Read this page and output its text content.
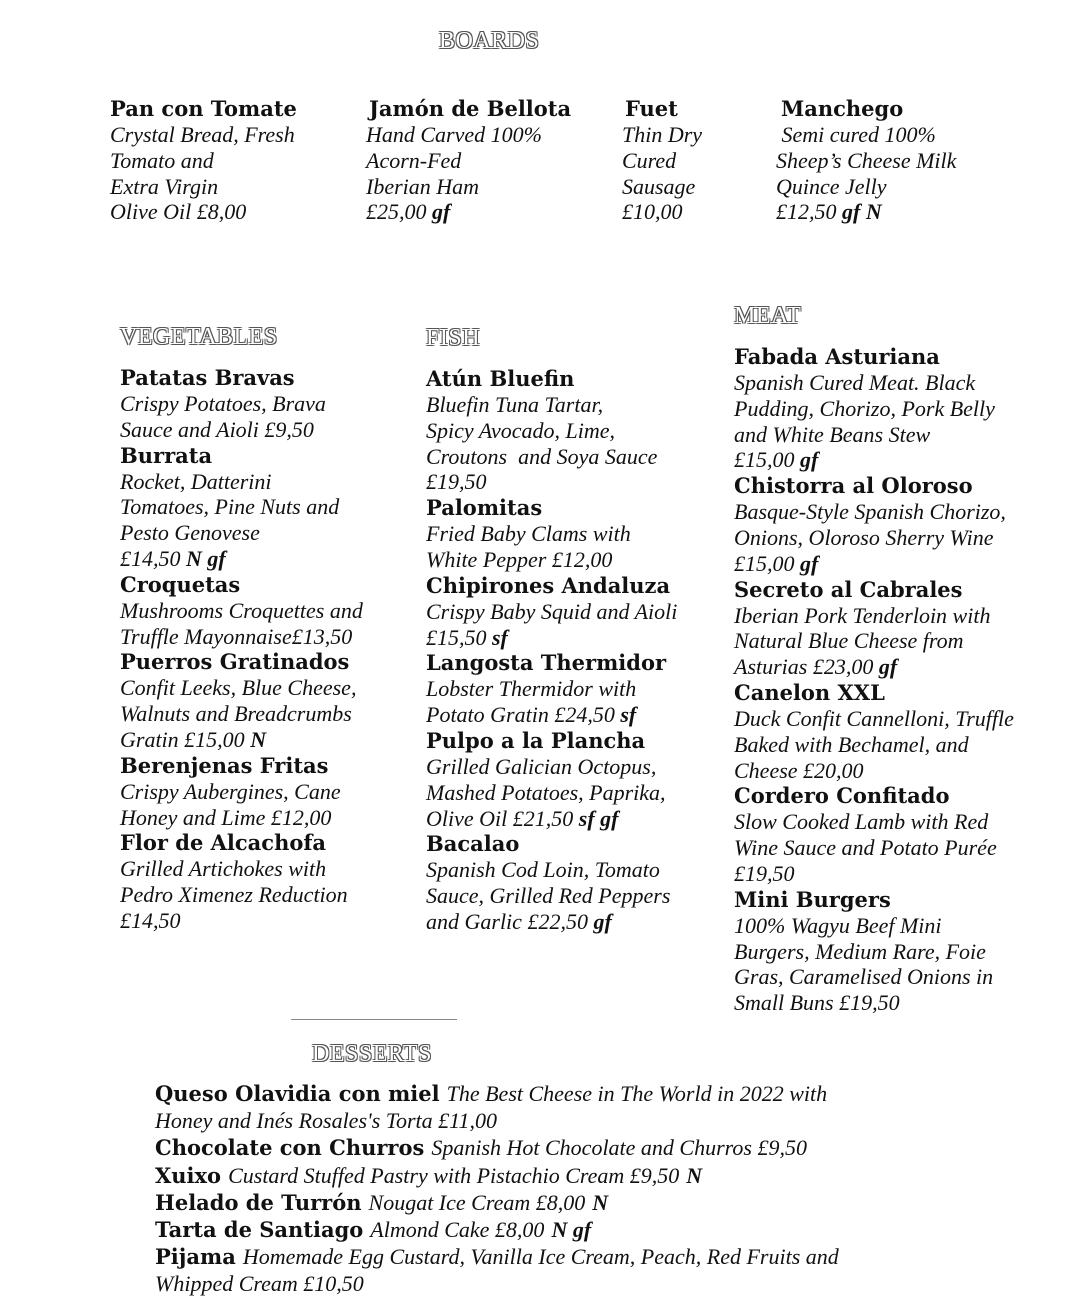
BOARDS
Pan con Tomate
Crystal Bread, Fresh
Tomato and
Extra Virgin
Olive Oil £8,00
Jamón de Bellota
Hand Carved 100%
Acorn-Fed
Iberian Ham
£25,00 gf
Fuet
Thin Dry
Cured
Sausage
£10,00
Manchego
Semi cured 100%
Sheep’s Cheese Milk
Quince Jelly
£12,50 gf N
VEGETABLES
Patatas Bravas
Crispy Potatoes, Brava
Sauce and Aioli £9,50
Burrata
Rocket, Datterini
Tomatoes, Pine Nuts and
Pesto Genovese
£14,50 N gf
Croquetas
Mushrooms Croquettes and
Truffle Mayonnaise£13,50
Puerros Gratinados
Confit Leeks, Blue Cheese,
Walnuts and Breadcrumbs
Gratin £15,00 N
Berenjenas Fritas
Crispy Aubergines, Cane
Honey and Lime £12,00
Flor de Alcachofa
Grilled Artichokes with
Pedro Ximenez Reduction
£14,50
FISH
Atún Bluefin
Bluefin Tuna Tartar,
Spicy Avocado, Lime,
Croutons  and Soya Sauce
£19,50
Palomitas
Fried Baby Clams with
White Pepper £12,00
Chipirones Andaluza
Crispy Baby Squid and Aioli
£15,50 sf
Langosta Thermidor
Lobster Thermidor with
Potato Gratin £24,50 sf
Pulpo a la Plancha
Grilled Galician Octopus,
Mashed Potatoes, Paprika,
Olive Oil £21,50 sf gf
Bacalao
Spanish Cod Loin, Tomato
Sauce, Grilled Red Peppers
and Garlic £22,50 gf
MEAT
Fabada Asturiana
Spanish Cured Meat. Black
Pudding, Chorizo, Pork Belly
and White Beans Stew
£15,00 gf
Chistorra al Oloroso
Basque-Style Spanish Chorizo,
Onions, Oloroso Sherry Wine
£15,00 gf
Secreto al Cabrales
Iberian Pork Tenderloin with
Natural Blue Cheese from
Asturias £23,00 gf
Canelon XXL
Duck Confit Cannelloni, Truffle
Baked with Bechamel, and
Cheese £20,00
Cordero Confitado
Slow Cooked Lamb with Red
Wine Sauce and Potato Purée
£19,50
Mini Burgers
100% Wagyu Beef Mini
Burgers, Medium Rare, Foie
Gras, Caramelised Onions in
Small Buns £19,50
DESSERTS
Queso Olavidia con miel The Best Cheese in The World in 2022 with
Honey and Inés Rosales's Torta £11,00
Chocolate con Churros Spanish Hot Chocolate and Churros £9,50
Xuixo Custard Stuffed Pastry with Pistachio Cream £9,50 N
Helado de Turrón Nougat Ice Cream £8,00 N
Tarta de Santiago Almond Cake £8,00 N gf
Pijama Homemade Egg Custard, Vanilla Ice Cream, Peach, Red Fruits and
Whipped Cream £10,50
